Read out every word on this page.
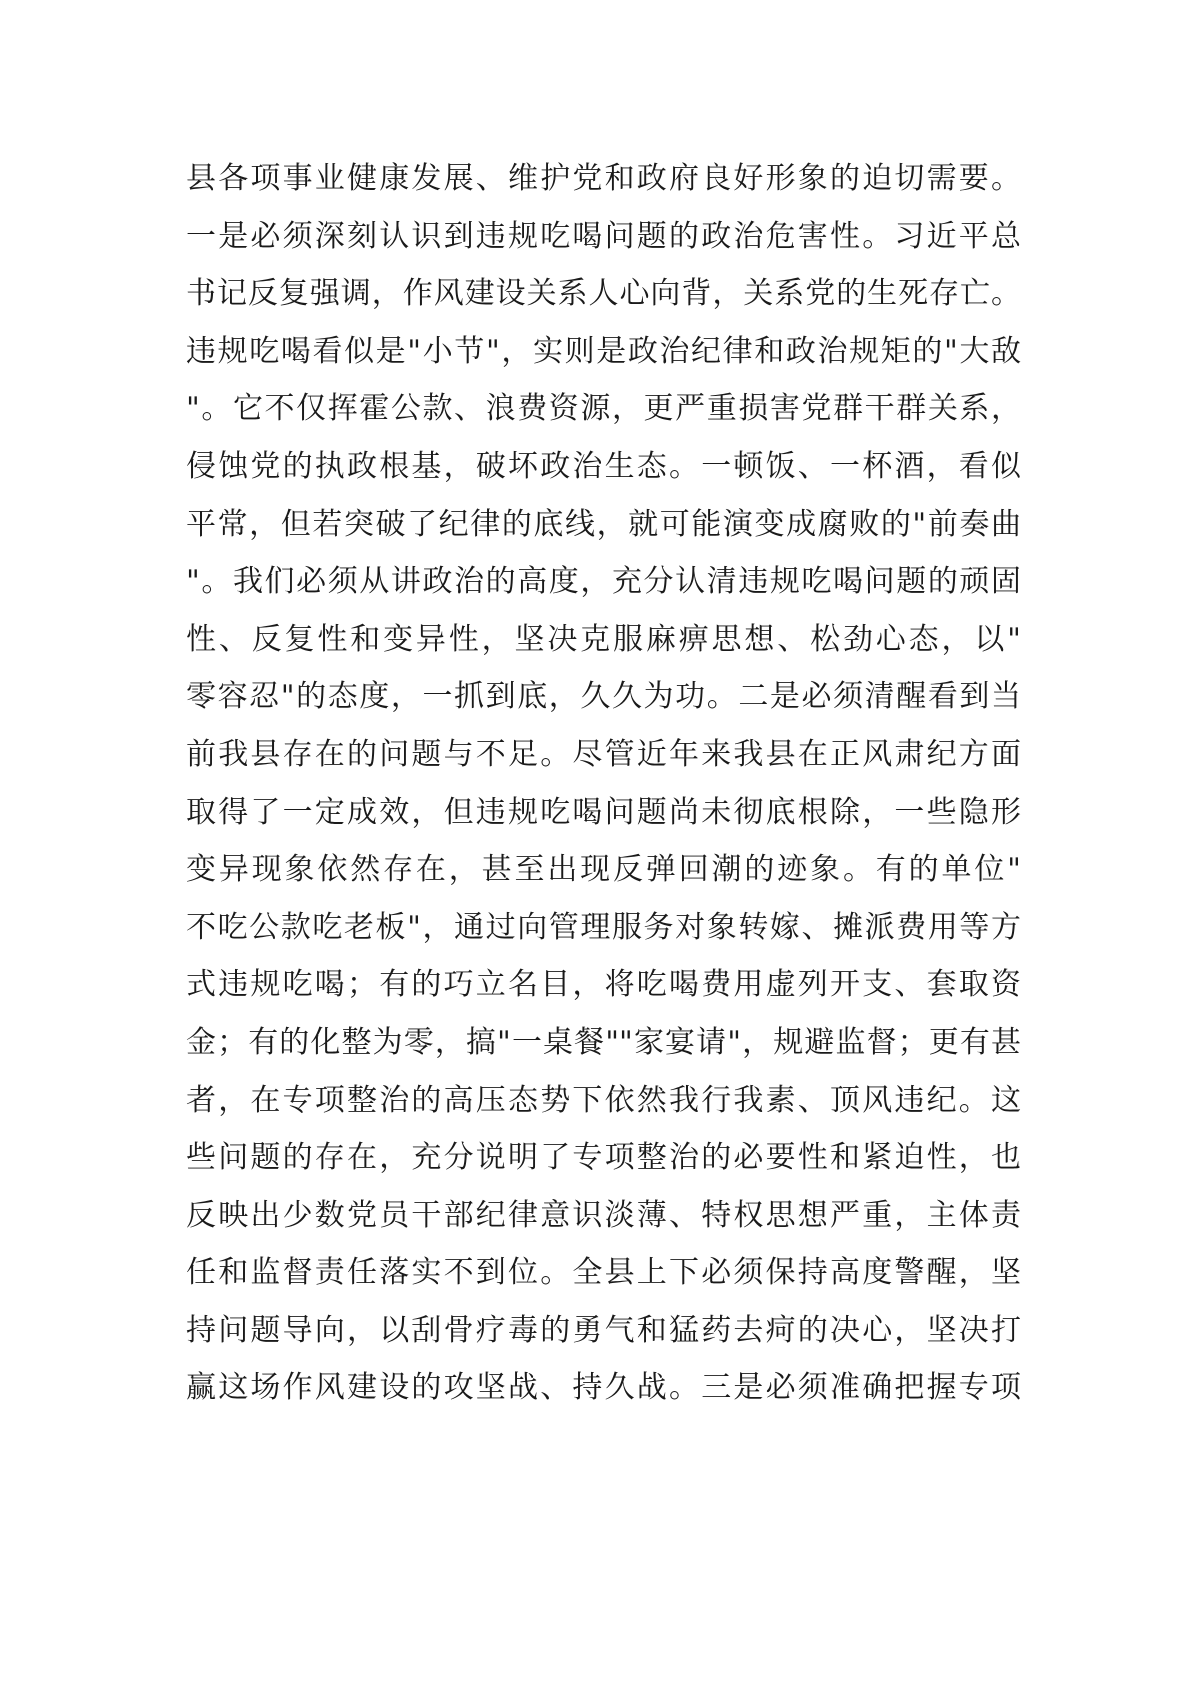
县各项事业健康发展、维护党和政府良好形象的迫切需要。
一是必须深刻认识到违规吃喝问题的政治危害性。习近平总
书记反复强调，作风建设关系人心向背，关系党的生死存亡。
违规吃喝看似是"小节"，实则是政治纪律和政治规矩的"大敌
"。它不仅挥霍公款、浪费资源，更严重损害党群干群关系，
侵蚀党的执政根基，破坏政治生态。一顿饭、一杯酒，看似
平常，但若突破了纪律的底线，就可能演变成腐败的"前奏曲
"。我们必须从讲政治的高度，充分认清违规吃喝问题的顽固
性、反复性和变异性，坚决克服麻痹思想、松劲心态，以"
零容忍"的态度，一抓到底，久久为功。二是必须清醒看到当
前我县存在的问题与不足。尽管近年来我县在正风肃纪方面
取得了一定成效，但违规吃喝问题尚未彻底根除，一些隐形
变异现象依然存在，甚至出现反弹回潮的迹象。有的单位"
不吃公款吃老板"，通过向管理服务对象转嫁、摊派费用等方
式违规吃喝；有的巧立名目，将吃喝费用虚列开支、套取资
金；有的化整为零，搞"一桌餐""家宴请"，规避监督；更有甚
者，在专项整治的高压态势下依然我行我素、顶风违纪。这
些问题的存在，充分说明了专项整治的必要性和紧迫性，也
反映出少数党员干部纪律意识淡薄、特权思想严重，主体责
任和监督责任落实不到位。全县上下必须保持高度警醒，坚
持问题导向，以刮骨疗毒的勇气和猛药去疴的决心，坚决打
赢这场作风建设的攻坚战、持久战。三是必须准确把握专项
